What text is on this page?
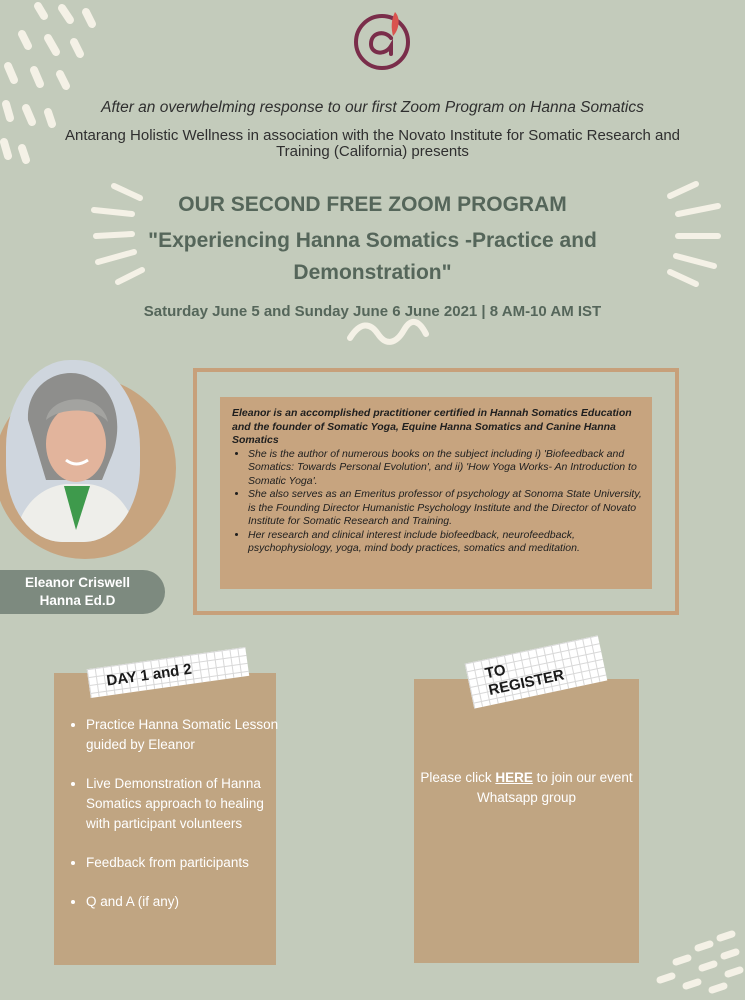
After an overwhelming response to our first Zoom Program on Hanna Somatics
Antarang Holistic Wellness in association with the Novato Institute for Somatic Research and Training (California) presents
OUR SECOND FREE ZOOM PROGRAM
"Experiencing Hanna Somatics -Practice and Demonstration"
Saturday June 5 and Sunday June 6 June 2021 | 8 AM-10 AM IST
Eleanor Criswell
Hanna Ed.D
Eleanor is an accomplished practitioner certified in Hannah Somatics Education and the founder of Somatic Yoga, Equine Hanna Somatics and Canine Hanna Somatics
• She is the author of numerous books on the subject including i) 'Biofeedback and Somatics: Towards Personal Evolution', and ii) 'How Yoga Works- An Introduction to Somatic Yoga'.
• She also serves as an Emeritus professor of psychology at Sonoma State University, is the Founding Director Humanistic Psychology Institute and the Director of Novato Institute for Somatic Research and Training.
• Her research and clinical interest include biofeedback, neurofeedback, psychophysiology, yoga, mind body practices, somatics and meditation.
DAY 1 and 2
• Practice Hanna Somatic Lesson guided by Eleanor
• Live Demonstration of Hanna Somatics approach to healing with participant volunteers
• Feedback from participants
• Q and A (if any)
TO REGISTER
Please click HERE to join our event Whatsapp group
